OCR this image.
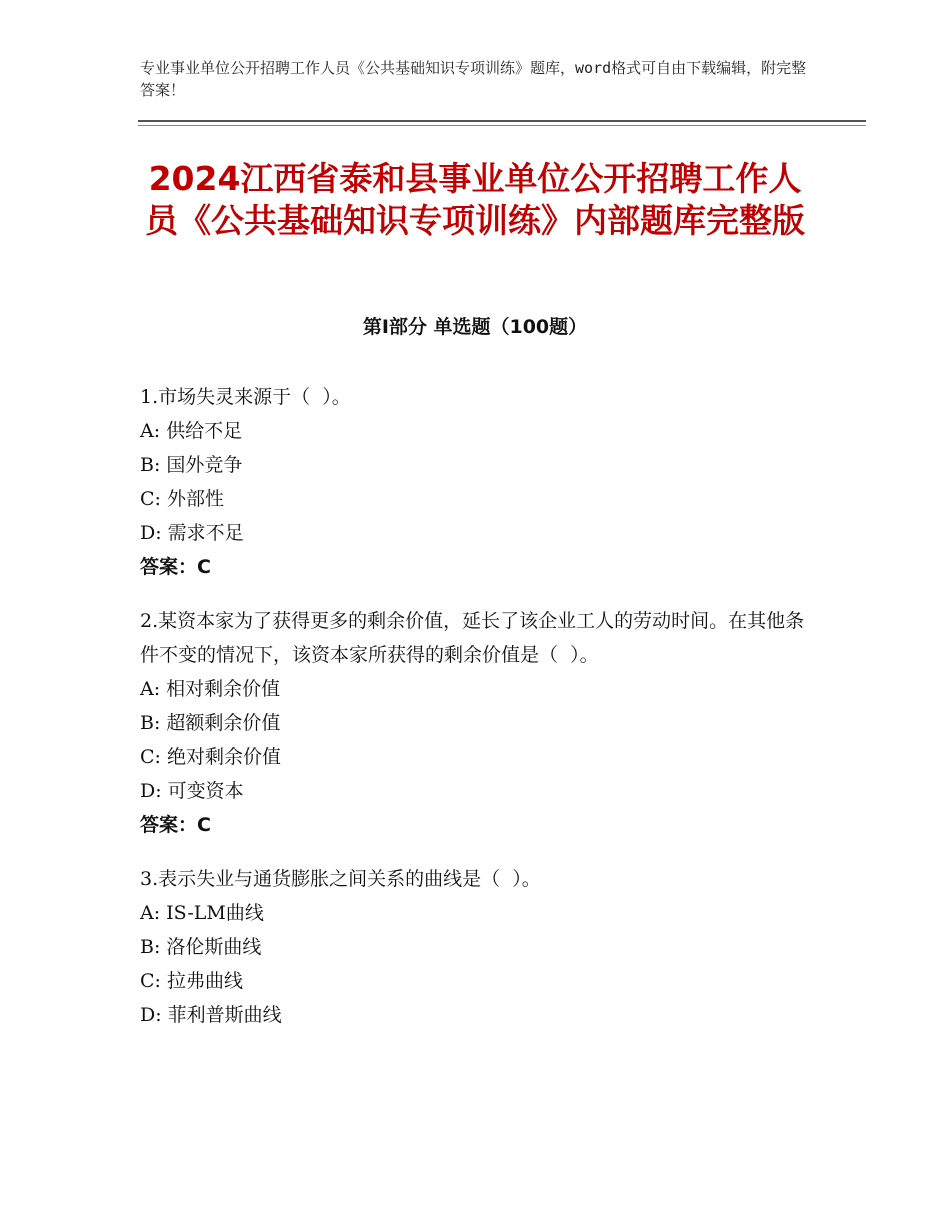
专业事业单位公开招聘工作人员《公共基础知识专项训练》题库，word格式可自由下载编辑，附完整答案！
2024江西省泰和县事业单位公开招聘工作人员《公共基础知识专项训练》内部题库完整版
第Ⅰ部分 单选题（100题）

1.市场失灵来源于（  ）。

A: 供给不足

B: 国外竞争

C: 外部性

D: 需求不足

答案：C

2.某资本家为了获得更多的剩余价值，延长了该企业工人的劳动时间。在其他条件不变的情况下，该资本家所获得的剩余价值是（  ）。

A: 相对剩余价值

B: 超额剩余价值

C: 绝对剩余价值

D: 可变资本

答案：C

3.表示失业与通货膨胀之间关系的曲线是（  ）。

A: IS-LM曲线

B: 洛伦斯曲线

C: 拉弗曲线

D: 菲利普斯曲线
